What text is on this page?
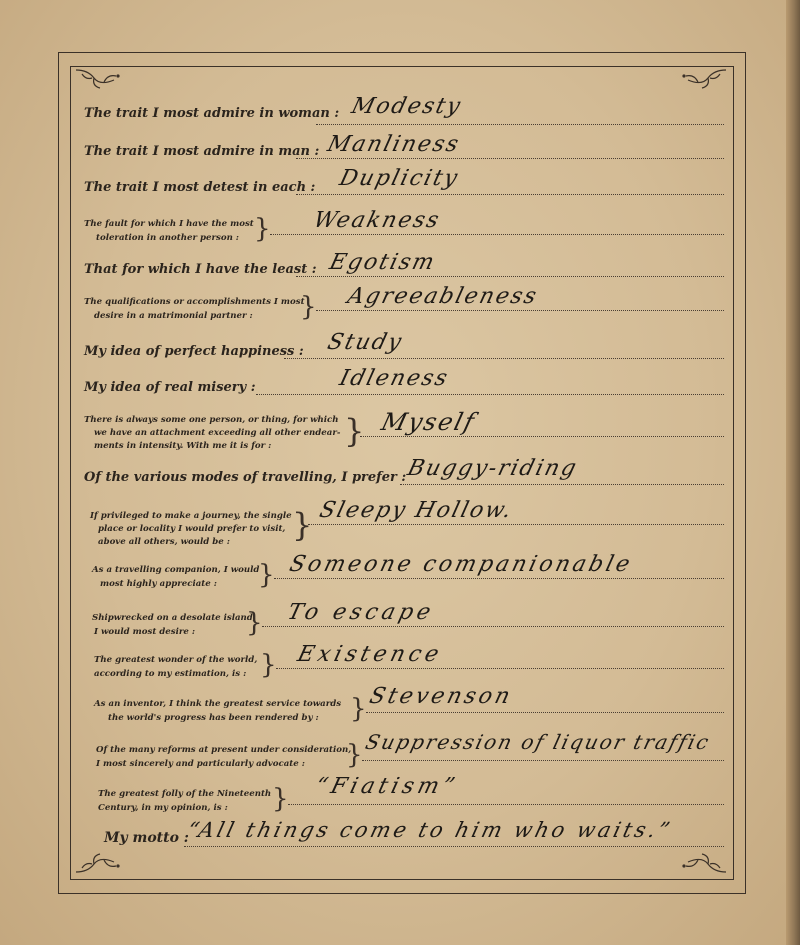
The trait I most admire in woman : Modesty
The trait I most admire in man : Manliness
The trait I most detest in each : Duplicity
The fault for which I have the most
toleration in another person : } Weakness
That for which I have the least : Egotism
The qualifications or accomplishments I most
desire in a matrimonial partner : } Agreeableness
My idea of perfect happiness : Study
My idea of real misery :	Idleness
There is always some one person, or thing, for which
we have an attachment exceeding all other endear-
ments in intensity. With me it is for : } Myself
Of the various modes of travelling, I prefer :
Buggy-riding
If privileged to make a journey, the single
place or locality I would prefer to visit,
above all others, would be : } Sleepy Hollow.
As a travelling companion, I would
most highly appreciate : } Someone companionable
Shipwrecked on a desolate island,
I would most desire : } To escape
The greatest wonder of the world,
according to my estimation, is : } Existence
As an inventor, I think the greatest service towards
the world's progress has been rendered by : } Stevenson
Of the many reforms at present under consideration,
I most sincerely and particularly advocate : } Suppression of liquor traffic
The greatest folly of the Nineteenth
Century, in my opinion, is : } “Fiatism”
My motto :
“All things come to him who waits.”
